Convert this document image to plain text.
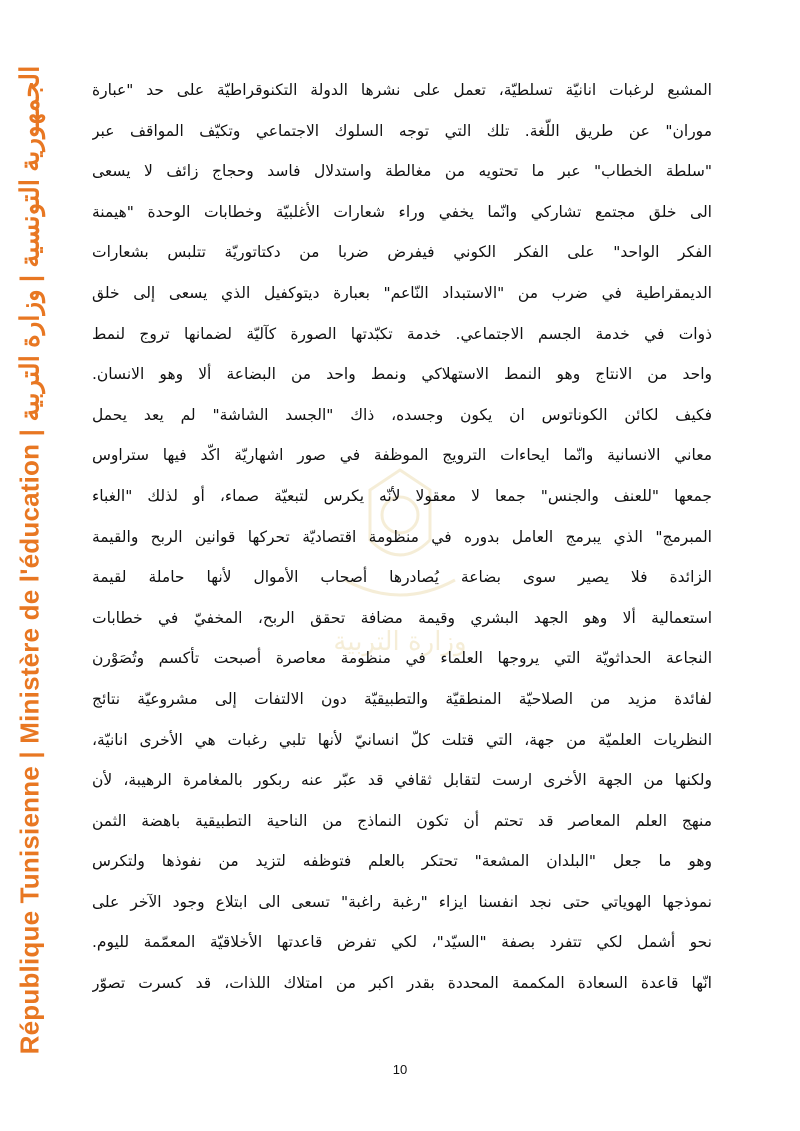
République Tunisienne | Ministère de l'éducation | الجمهورية التونسية | وزارة التربية
وزارة التربية
المشبع لرغبات انانيّة تسلطيّة، تعمل على نشرها الدولة التكنوقراطيّة على حد "عبارة
موران" عن طريق اللّغة. تلك التي توجه السلوك الاجتماعي وتكيّف المواقف عبر
"سلطة الخطاب" عبر ما تحتويه من مغالطة واستدلال فاسد وحجاج زائف لا يسعى
الى خلق مجتمع تشاركي وانّما يخفي وراء شعارات الأغلبيّة وخطابات الوحدة "هيمنة
الفكر الواحد" على الفكر الكوني فيفرض ضربا من دكتاتوريّة تتلبس بشعارات
الديمقراطية في ضرب من "الاستبداد النّاعم" بعبارة ديتوكفيل الذي يسعى إلى خلق
ذوات في خدمة الجسم الاجتماعي. خدمة تكبّدتها الصورة كآليّة لضمانها تروج لنمط
واحد من الانتاج وهو النمط الاستهلاكي ونمط واحد من البضاعة ألا وهو الانسان.
فكيف لكائن الكوناتوس ان يكون وجسده، ذاك "الجسد الشاشة" لم يعد يحمل
معاني الانسانية وانّما ايحاءات الترويج الموظفة في صور اشهاريّة اكّد فيها ستراوس
جمعها "للعنف والجنس" جمعا لا معقولا لأنّه يكرس لتبعيّة صماء، أو لذلك "الغباء
المبرمج" الذي يبرمج العامل بدوره في منظومة اقتصاديّة تحركها قوانين الربح والقيمة
الزائدة فلا يصير سوى بضاعة يُصادرها أصحاب الأموال لأنها حاملة لقيمة
استعمالية ألا وهو الجهد البشري وقيمة مضافة تحقق الربح، المخفيّ في خطابات
النجاعة الحداثويّة التي يروجها العلماء في منظومة معاصرة أصبحت تأكسم وتُصَوْرن
لفائدة مزيد من الصلاحيّة المنطقيّة والتطبيقيّة دون الالتفات إلى مشروعيّة نتائج
النظريات العلميّة من جهة، التي قتلت كلّ انسانيّ لأنها تلبي رغبات هي الأخرى انانيّة،
ولكنها من الجهة الأخرى ارست لتقابل ثقافي قد عبّر عنه ربكور بالمغامرة الرهيبة، لأن
منهج العلم المعاصر قد تحتم أن تكون النماذج من الناحية التطبيقية باهضة الثمن
وهو ما جعل "البلدان المشعة" تحتكر بالعلم فتوظفه لتزيد من نفوذها ولتكرس
نموذجها الهوياتي حتى نجد انفسنا ايزاء "رغبة راغبة" تسعى الى ابتلاع وجود الآخر على
نحو أشمل لكي تتفرد بصفة "السيّد"، لكي تفرض قاعدتها الأخلاقيّة المعمّمة لليوم.
انّها قاعدة السعادة المكممة المحددة بقدر اكبر من امتلاك اللذات، قد كسرت تصوّر
10
